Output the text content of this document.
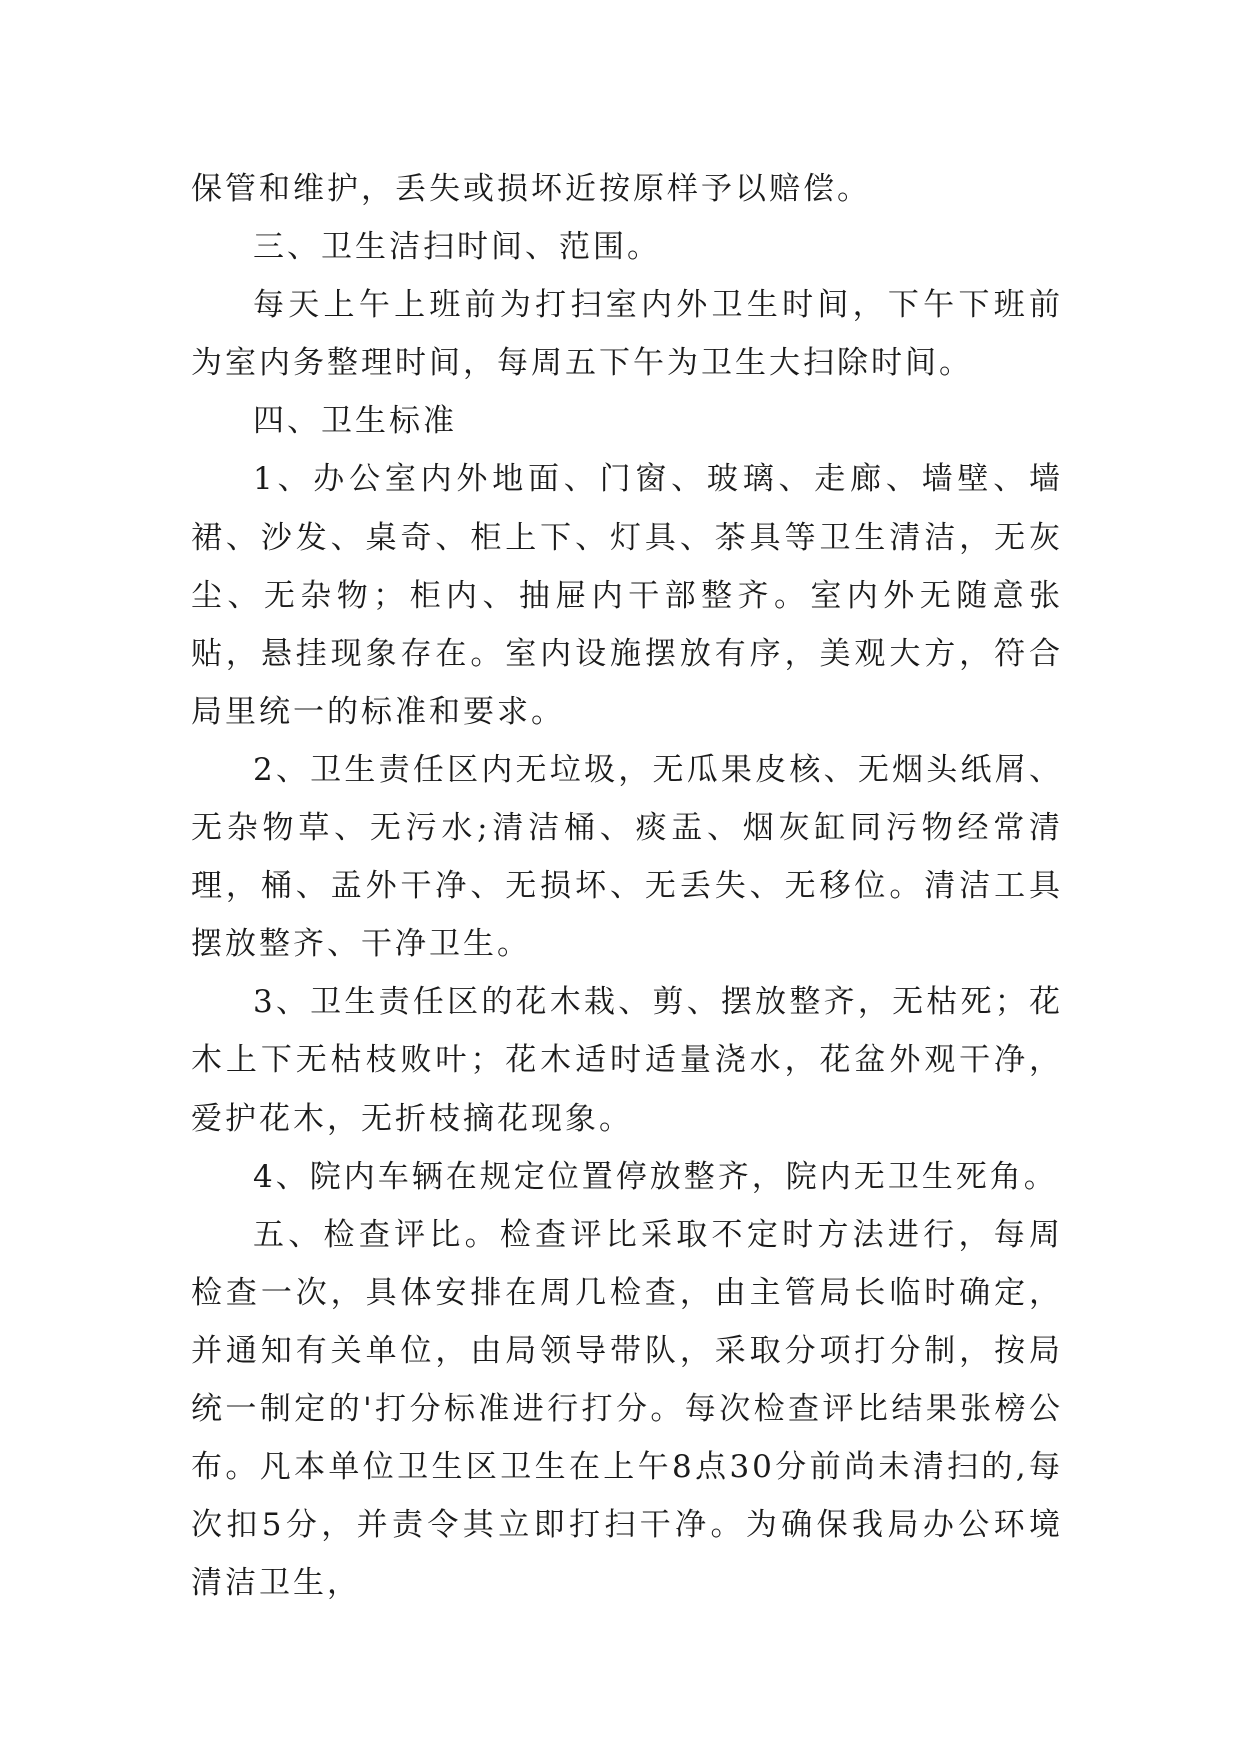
保管和维护，丢失或损坏近按原样予以赔偿。

三、卫生洁扫时间、范围。

每天上午上班前为打扫室内外卫生时间，下午下班前为室内务整理时间，每周五下午为卫生大扫除时间。

四、卫生标准

1、办公室内外地面、门窗、玻璃、走廊、墙壁、墙裙、沙发、桌奇、柜上下、灯具、茶具等卫生清洁，无灰尘、无杂物；柜内、抽屉内干部整齐。室内外无随意张贴，悬挂现象存在。室内设施摆放有序，美观大方，符合局里统一的标准和要求。

2、卫生责任区内无垃圾，无瓜果皮核、无烟头纸屑、无杂物草、无污水;清洁桶、痰盂、烟灰缸同污物经常清理，桶、盂外干净、无损坏、无丢失、无移位。清洁工具摆放整齐、干净卫生。

3、卫生责任区的花木栽、剪、摆放整齐，无枯死；花木上下无枯枝败叶；花木适时适量浇水，花盆外观干净，爱护花木，无折枝摘花现象。

4、院内车辆在规定位置停放整齐，院内无卫生死角。

五、检查评比。检查评比采取不定时方法进行，每周检查一次，具体安排在周几检查，由主管局长临时确定，并通知有关单位，由局领导带队，采取分项打分制，按局统一制定的'打分标准进行打分。每次检查评比结果张榜公布。凡本单位卫生区卫生在上午8点30分前尚未清扫的,每次扣5分，并责令其立即打扫干净。为确保我局办公环境清洁卫生，
